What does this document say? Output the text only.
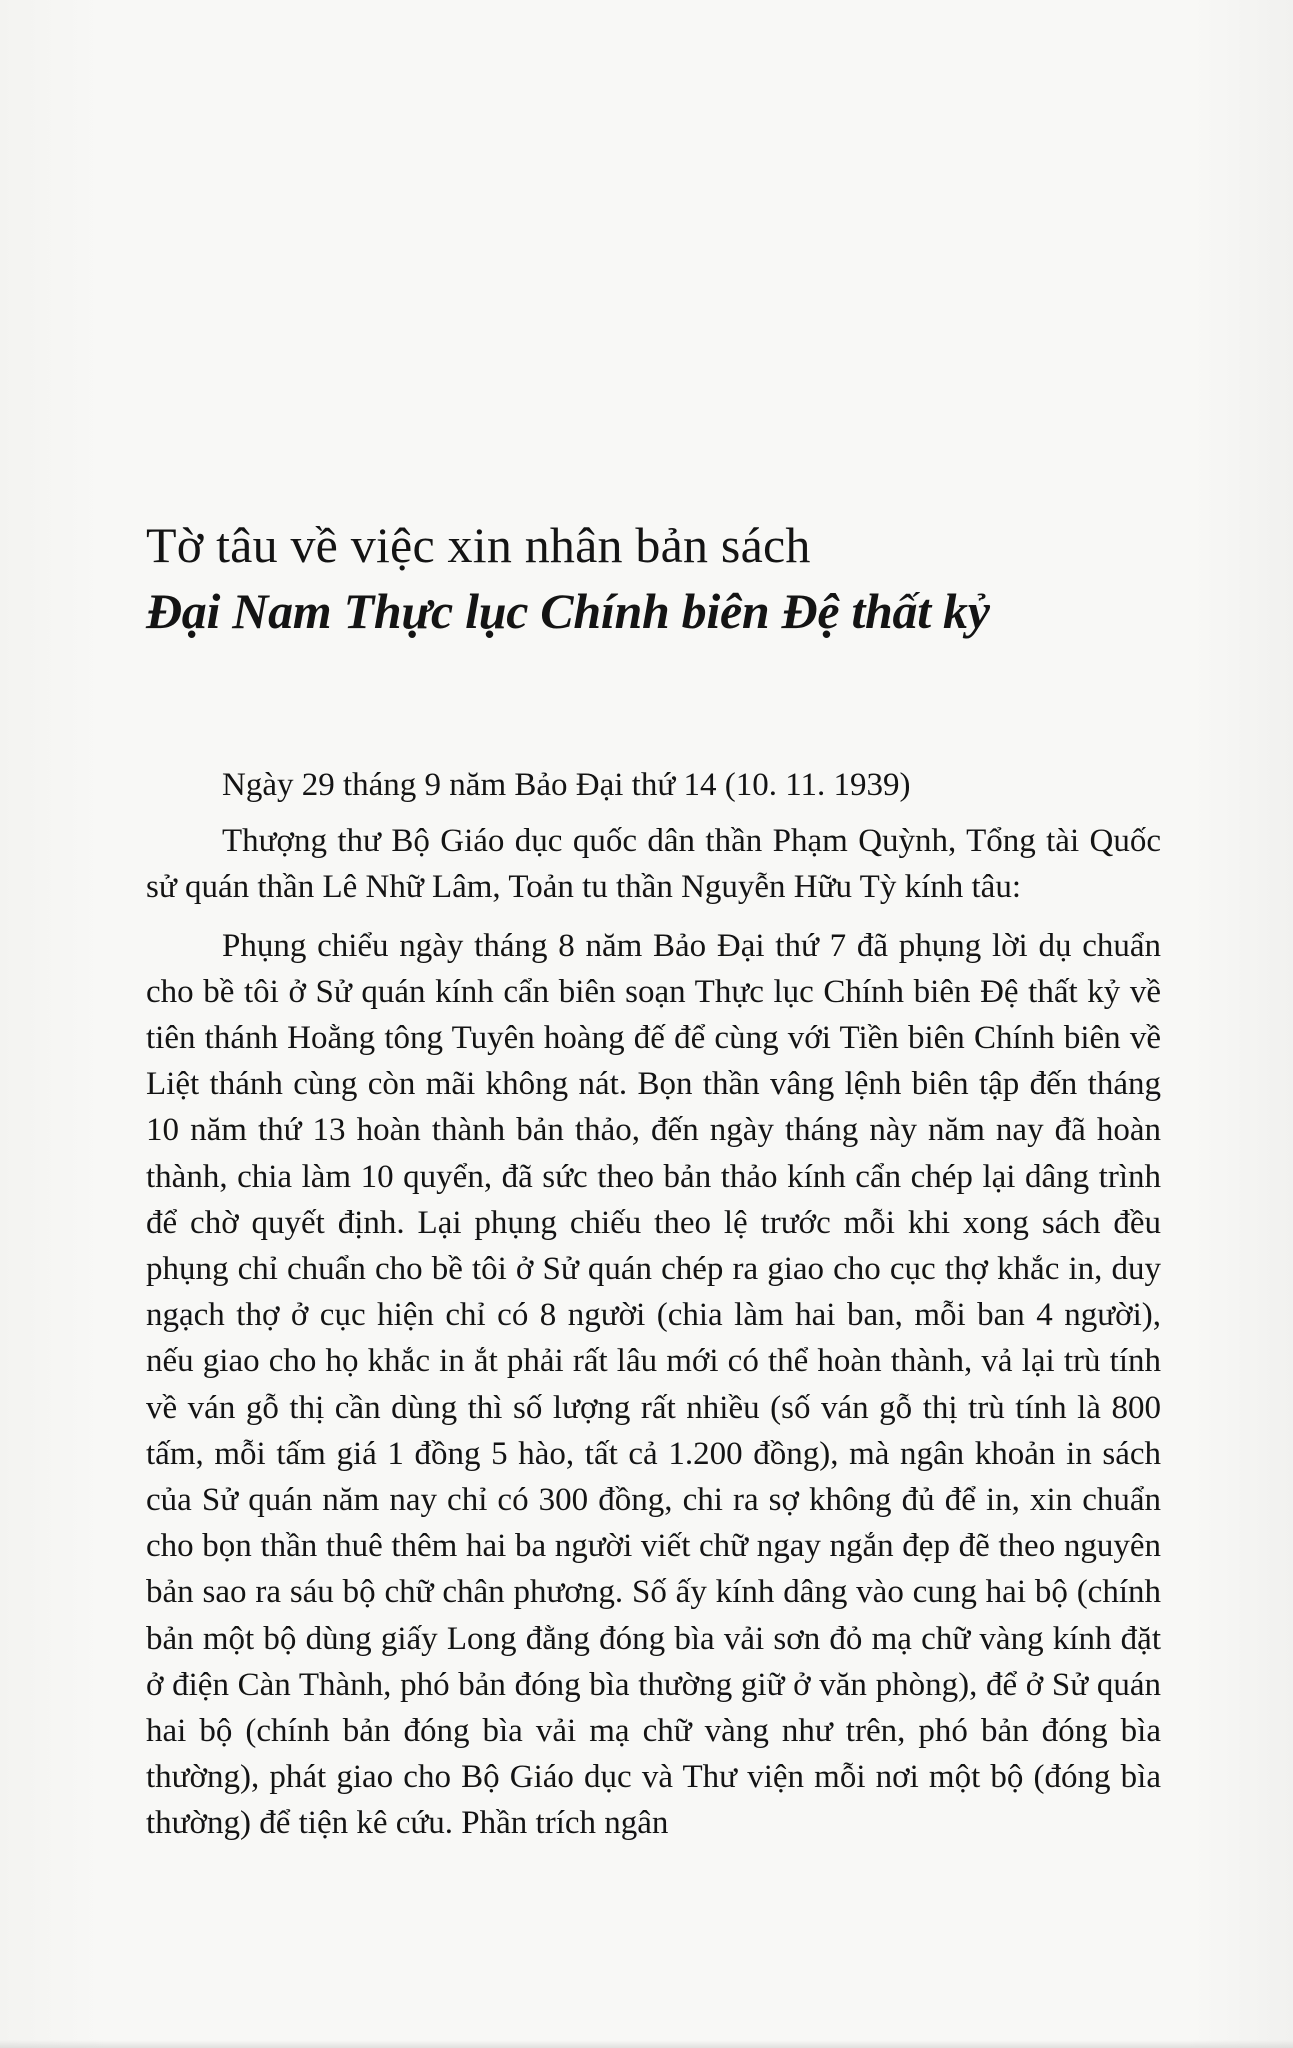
Tờ tâu về việc xin nhân bản sách
Đại Nam Thực lục Chính biên Đệ thất kỷ
Ngày 29 tháng 9 năm Bảo Đại thứ 14 (10. 11. 1939)

Thượng thư Bộ Giáo dục quốc dân thần Phạm Quỳnh, Tổng tài Quốc sử quán thần Lê Nhữ Lâm, Toản tu thần Nguyễn Hữu Tỳ kính tâu:

Phụng chiểu ngày tháng 8 năm Bảo Đại thứ 7 đã phụng lời dụ chuẩn cho bề tôi ở Sử quán kính cẩn biên soạn Thực lục Chính biên Đệ thất kỷ về tiên thánh Hoằng tông Tuyên hoàng đế để cùng với Tiền biên Chính biên về Liệt thánh cùng còn mãi không nát. Bọn thần vâng lệnh biên tập đến tháng 10 năm thứ 13 hoàn thành bản thảo, đến ngày tháng này năm nay đã hoàn thành, chia làm 10 quyển, đã sức theo bản thảo kính cẩn chép lại dâng trình để chờ quyết định. Lại phụng chiếu theo lệ trước mỗi khi xong sách đều phụng chỉ chuẩn cho bề tôi ở Sử quán chép ra giao cho cục thợ khắc in, duy ngạch thợ ở cục hiện chỉ có 8 người (chia làm hai ban, mỗi ban 4 người), nếu giao cho họ khắc in ắt phải rất lâu mới có thể hoàn thành, vả lại trù tính về ván gỗ thị cần dùng thì số lượng rất nhiều (số ván gỗ thị trù tính là 800 tấm, mỗi tấm giá 1 đồng 5 hào, tất cả 1.200 đồng), mà ngân khoản in sách của Sử quán năm nay chỉ có 300 đồng, chi ra sợ không đủ để in, xin chuẩn cho bọn thần thuê thêm hai ba người viết chữ ngay ngắn đẹp đẽ theo nguyên bản sao ra sáu bộ chữ chân phương. Số ấy kính dâng vào cung hai bộ (chính bản một bộ dùng giấy Long đằng đóng bìa vải sơn đỏ mạ chữ vàng kính đặt ở điện Càn Thành, phó bản đóng bìa thường giữ ở văn phòng), để ở Sử quán hai bộ (chính bản đóng bìa vải mạ chữ vàng như trên, phó bản đóng bìa thường), phát giao cho Bộ Giáo dục và Thư viện mỗi nơi một bộ (đóng bìa thường) để tiện kê cứu. Phần trích ngân
